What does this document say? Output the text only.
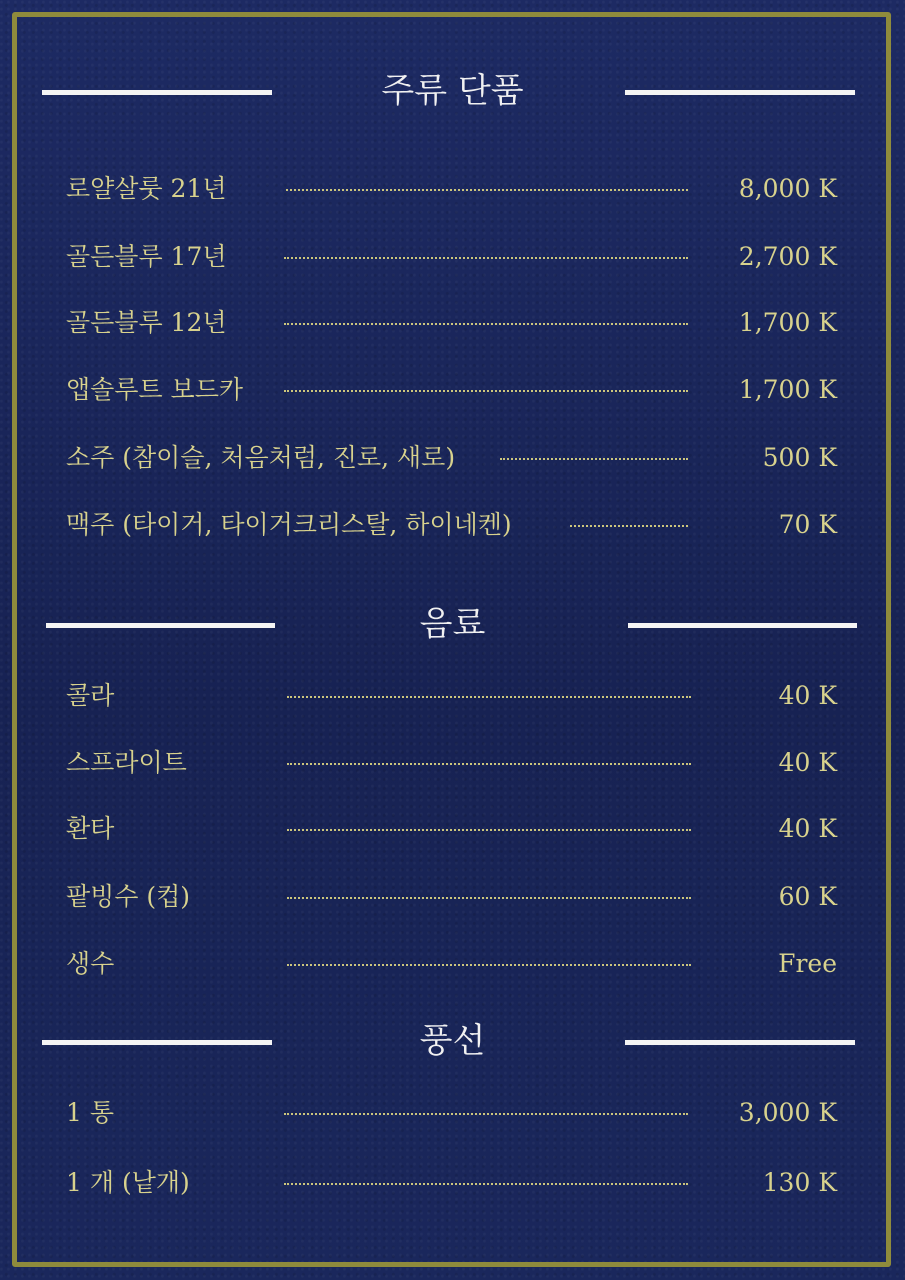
주류 단품
로얄살룻 21년	8,000 K
골든블루 17년	2,700 K
골든블루 12년	1,700 K
앱솔루트 보드카	1,700 K
소주 (참이슬, 처음처럼, 진로, 새로)	500 K
맥주 (타이거, 타이거크리스탈, 하이네켄)	70 K
음료
콜라	40 K
스프라이트	40 K
환타	40 K
팥빙수 (컵)	60 K
생수	Free
풍선
1 통	3,000 K
1 개 (낱개)	130 K
